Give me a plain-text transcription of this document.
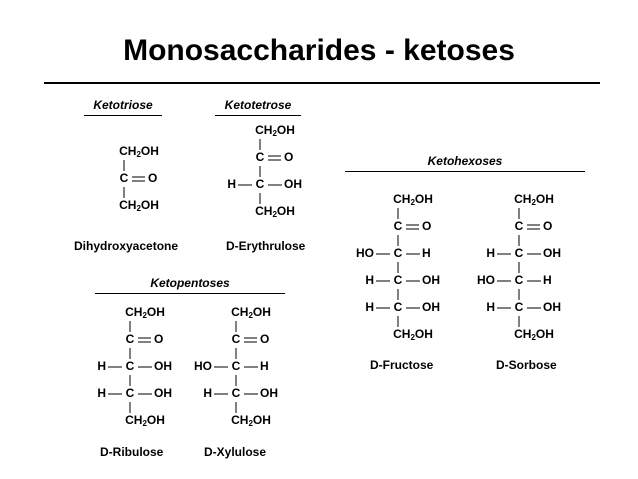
Monosaccharides - ketoses
Ketotriose	Ketotetrose
Ketohexoses
Ketopentoses
$CH_2OH$
C O
$CH_2OH$
$CH_2OH$
C O
C
H	OH
$CH_2OH$
$CH_2OH$
C O
C
HO	H
C
H	OH
C
H	OH
$CH_2OH$
$CH_2OH$
C O
C
H	OH
C
HO	H
C
H	OH
$CH_2OH$
$CH_2OH$
C O
C
H	OH
C
H	OH
$CH_2OH$
$CH_2OH$
C O
C
HO	H
C
H	OH
$CH_2OH$
Dihydroxyacetone	D-Erythrulose
D-Fructose	D-Sorbose
D-Ribulose	D-Xylulose
